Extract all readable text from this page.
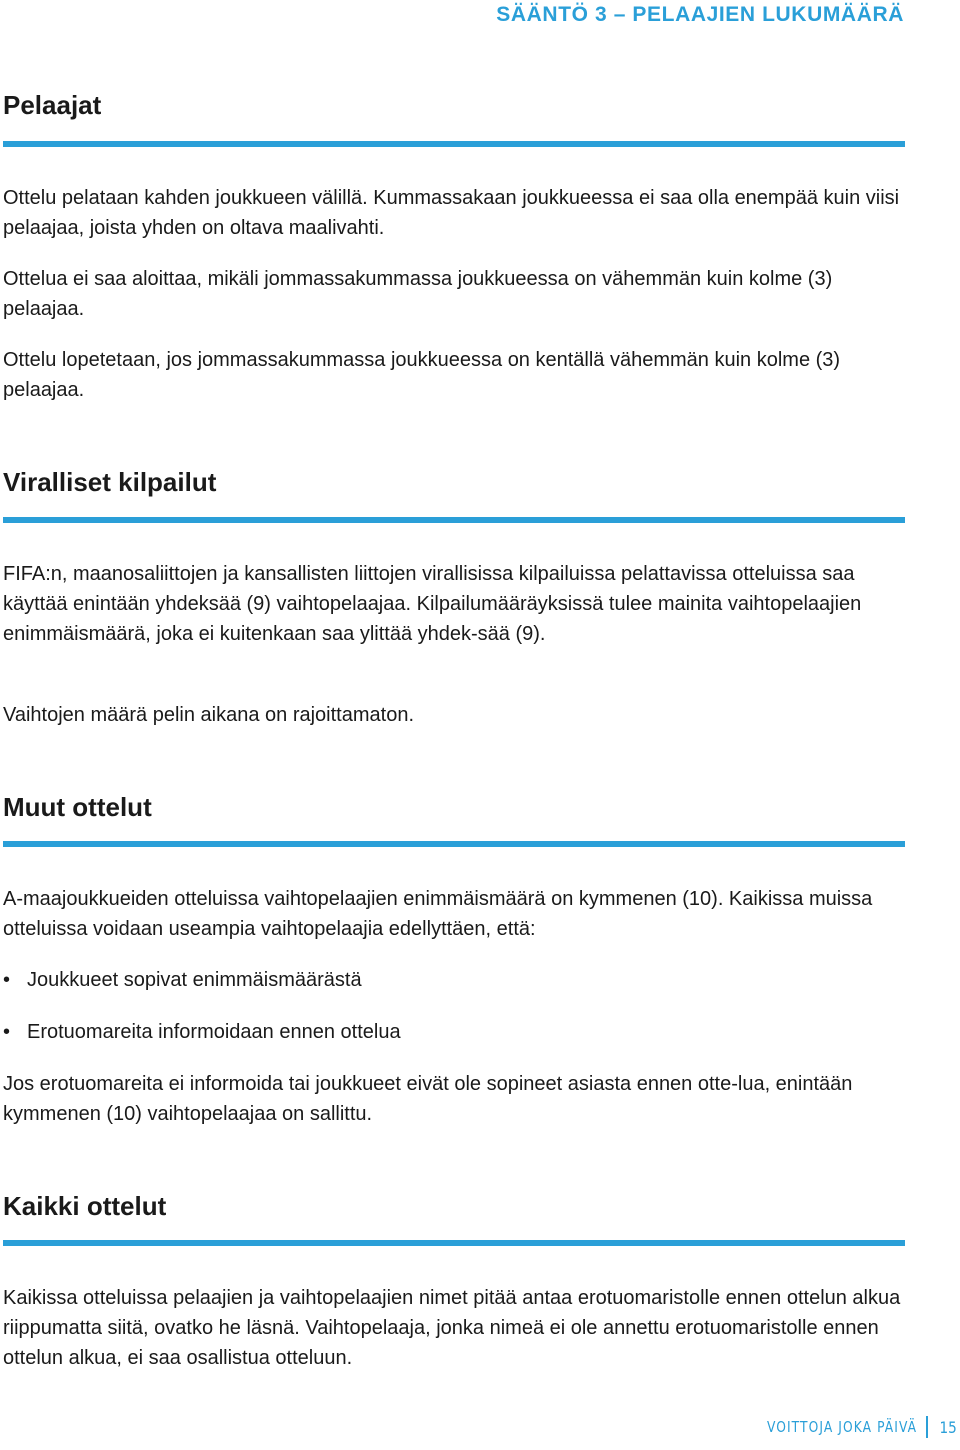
SÄÄNTÖ 3 – PELAAJIEN LUKUMÄÄRÄ
Pelaajat

Ottelu pelataan kahden joukkueen välillä. Kummassakaan joukkueessa ei saa olla enempää kuin viisi pelaajaa, joista yhden on oltava maalivahti.

Ottelua ei saa aloittaa, mikäli jommassakummassa joukkueessa on vähemmän kuin kolme (3) pelaajaa.

Ottelu lopetetaan, jos jommassakummassa joukkueessa on kentällä vähemmän kuin kolme (3) pelaajaa.

Viralliset kilpailut

FIFA:n, maanosaliittojen ja kansallisten liittojen virallisissa kilpailuissa pelattavissa otteluissa saa käyttää enintään yhdeksää (9) vaihtopelaajaa. Kilpailumääräyksissä tulee mainita vaihtopelaajien enimmäismäärä, joka ei kuitenkaan saa ylittää yhdek-sää (9).

Vaihtojen määrä pelin aikana on rajoittamaton.

Muut ottelut

A-maajoukkueiden otteluissa vaihtopelaajien enimmäismäärä on kymmenen (10). Kaikissa muissa otteluissa voidaan useampia vaihtopelaajia edellyttäen, että:

• Joukkueet sopivat enimmäismäärästä
• Erotuomareita informoidaan ennen ottelua

Jos erotuomareita ei informoida tai joukkueet eivät ole sopineet asiasta ennen otte-lua, enintään kymmenen (10) vaihtopelaajaa on sallittu.

Kaikki ottelut

Kaikissa otteluissa pelaajien ja vaihtopelaajien nimet pitää antaa erotuomaristolle ennen ottelun alkua riippumatta siitä, ovatko he läsnä. Vaihtopelaaja, jonka nimeä ei ole annettu erotuomaristolle ennen ottelun alkua, ei saa osallistua otteluun.

VOITTOJA JOKA PÄIVÄ 15
